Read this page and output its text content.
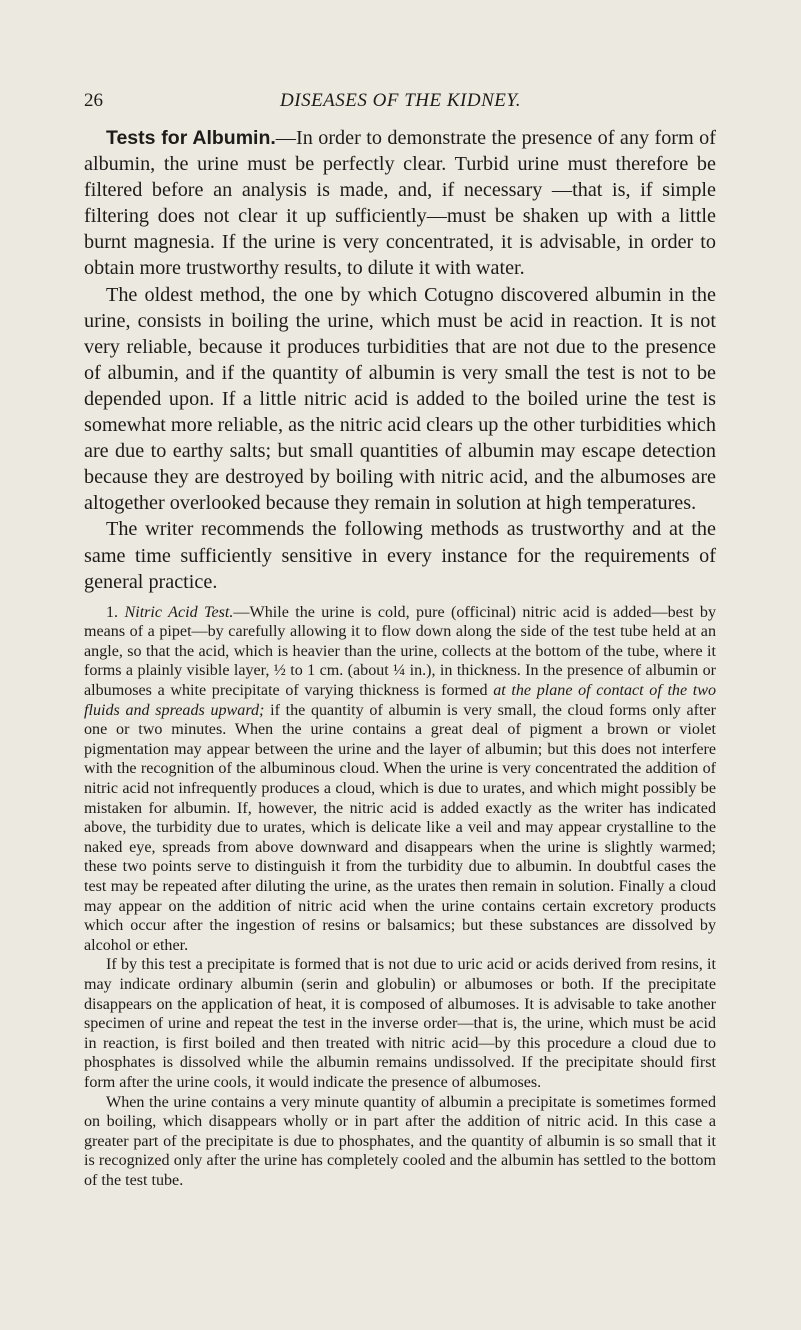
26	DISEASES OF THE KIDNEY.

Tests for Albumin.—In order to demonstrate the presence of any form of albumin, the urine must be perfectly clear. Turbid urine must therefore be filtered before an analysis is made, and, if necessary —that is, if simple filtering does not clear it up sufficiently—must be shaken up with a little burnt magnesia. If the urine is very concentrated, it is advisable, in order to obtain more trustworthy results, to dilute it with water.

The oldest method, the one by which Cotugno discovered albumin in the urine, consists in boiling the urine, which must be acid in reaction. It is not very reliable, because it produces turbidities that are not due to the presence of albumin, and if the quantity of albumin is very small the test is not to be depended upon. If a little nitric acid is added to the boiled urine the test is somewhat more reliable, as the nitric acid clears up the other turbidities which are due to earthy salts; but small quantities of albumin may escape detection because they are destroyed by boiling with nitric acid, and the albumoses are altogether overlooked because they remain in solution at high temperatures.

The writer recommends the following methods as trustworthy and at the same time sufficiently sensitive in every instance for the requirements of general practice.

1. Nitric Acid Test.—While the urine is cold, pure (officinal) nitric acid is added—best by means of a pipet—by carefully allowing it to flow down along the side of the test tube held at an angle, so that the acid, which is heavier than the urine, collects at the bottom of the tube, where it forms a plainly visible layer, ½ to 1 cm. (about ¼ in.), in thickness. In the presence of albumin or albumoses a white precipitate of varying thickness is formed at the plane of contact of the two fluids and spreads upward; if the quantity of albumin is very small, the cloud forms only after one or two minutes. When the urine contains a great deal of pigment a brown or violet pigmentation may appear between the urine and the layer of albumin; but this does not interfere with the recognition of the albuminous cloud. When the urine is very concentrated the addition of nitric acid not infrequently produces a cloud, which is due to urates, and which might possibly be mistaken for albumin. If, however, the nitric acid is added exactly as the writer has indicated above, the turbidity due to urates, which is delicate like a veil and may appear crystalline to the naked eye, spreads from above downward and disappears when the urine is slightly warmed; these two points serve to distinguish it from the turbidity due to albumin. In doubtful cases the test may be repeated after diluting the urine, as the urates then remain in solution. Finally a cloud may appear on the addition of nitric acid when the urine contains certain excretory products which occur after the ingestion of resins or balsamics; but these substances are dissolved by alcohol or ether.

If by this test a precipitate is formed that is not due to uric acid or acids derived from resins, it may indicate ordinary albumin (serin and globulin) or albumoses or both. If the precipitate disappears on the application of heat, it is composed of albumoses. It is advisable to take another specimen of urine and repeat the test in the inverse order—that is, the urine, which must be acid in reaction, is first boiled and then treated with nitric acid—by this procedure a cloud due to phosphates is dissolved while the albumin remains undissolved. If the precipitate should first form after the urine cools, it would indicate the presence of albumoses.

When the urine contains a very minute quantity of albumin a precipitate is sometimes formed on boiling, which disappears wholly or in part after the addition of nitric acid. In this case a greater part of the precipitate is due to phosphates, and the quantity of albumin is so small that it is recognized only after the urine has completely cooled and the albumin has settled to the bottom of the test tube.
